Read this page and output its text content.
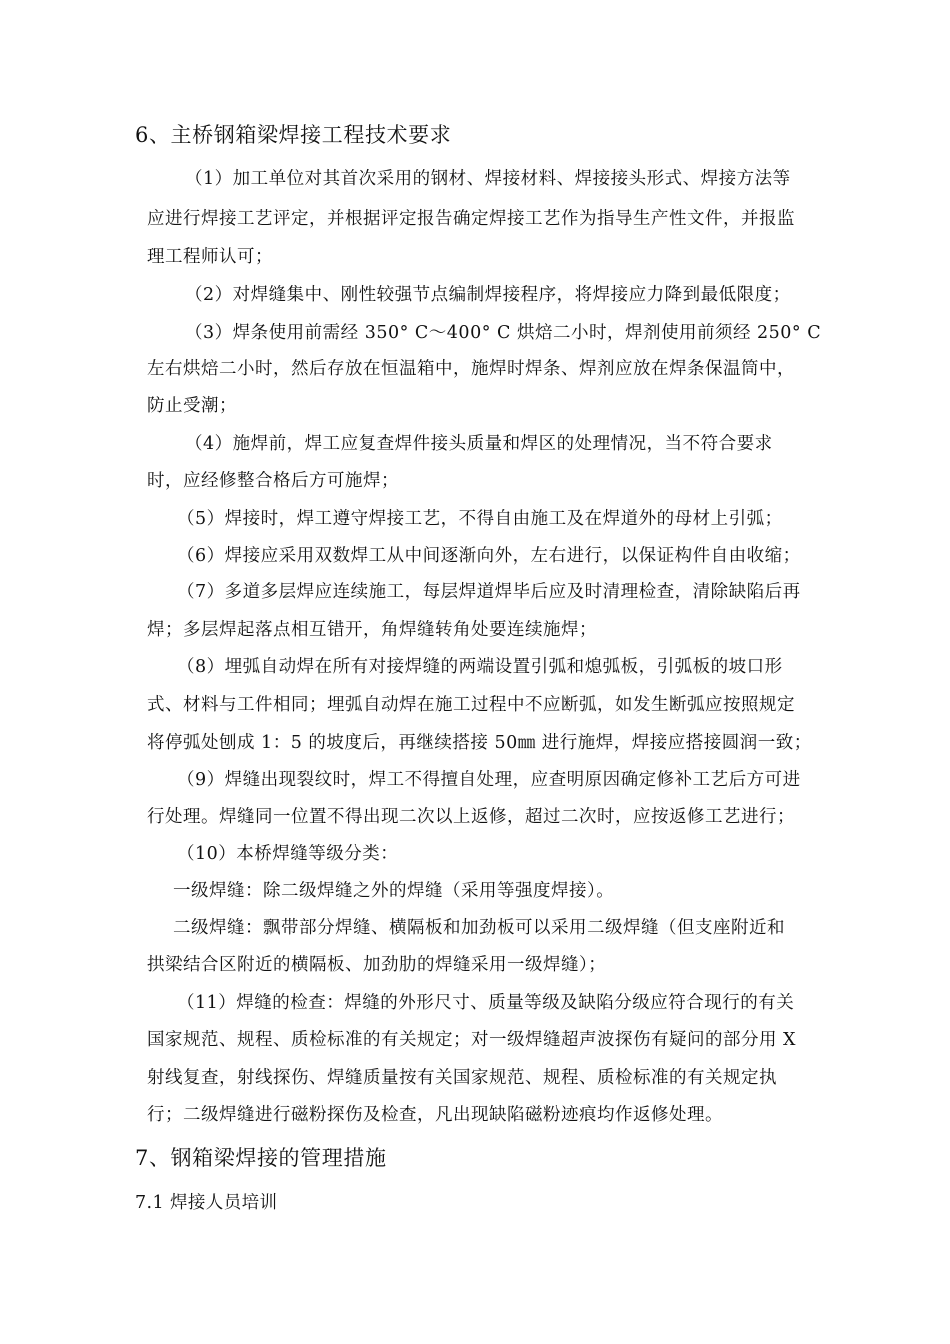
6、主桥钢箱梁焊接工程技术要求
（1）加工单位对其首次采用的钢材、焊接材料、焊接接头形式、焊接方法等
应进行焊接工艺评定，并根据评定报告确定焊接工艺作为指导生产性文件，并报监
理工程师认可；
（2）对焊缝集中、刚性较强节点编制焊接程序，将焊接应力降到最低限度；
（3）焊条使用前需经 350° C～400° C 烘焙二小时，焊剂使用前须经 250° C
左右烘焙二小时，然后存放在恒温箱中，施焊时焊条、焊剂应放在焊条保温筒中，
防止受潮；
（4）施焊前，焊工应复查焊件接头质量和焊区的处理情况，当不符合要求
时，应经修整合格后方可施焊；
（5）焊接时，焊工遵守焊接工艺，不得自由施工及在焊道外的母材上引弧；
（6）焊接应采用双数焊工从中间逐渐向外，左右进行，以保证构件自由收缩；
（7）多道多层焊应连续施工，每层焊道焊毕后应及时清理检查，清除缺陷后再
焊；多层焊起落点相互错开，角焊缝转角处要连续施焊；
（8）埋弧自动焊在所有对接焊缝的两端设置引弧和熄弧板，引弧板的坡口形
式、材料与工件相同；埋弧自动焊在施工过程中不应断弧，如发生断弧应按照规定
将停弧处刨成 1：5 的坡度后，再继续搭接 50㎜ 进行施焊，焊接应搭接圆润一致；
（9）焊缝出现裂纹时，焊工不得擅自处理，应查明原因确定修补工艺后方可进
行处理。焊缝同一位置不得出现二次以上返修，超过二次时，应按返修工艺进行；
（10）本桥焊缝等级分类：
一级焊缝：除二级焊缝之外的焊缝（采用等强度焊接）。
二级焊缝：飘带部分焊缝、横隔板和加劲板可以采用二级焊缝（但支座附近和
拱梁结合区附近的横隔板、加劲肋的焊缝采用一级焊缝）；
（11）焊缝的检查：焊缝的外形尺寸、质量等级及缺陷分级应符合现行的有关
国家规范、规程、质检标准的有关规定；对一级焊缝超声波探伤有疑问的部分用 X
射线复查，射线探伤、焊缝质量按有关国家规范、规程、质检标准的有关规定执
行；二级焊缝进行磁粉探伤及检查，凡出现缺陷磁粉迹痕均作返修处理。
7、钢箱梁焊接的管理措施
7.1 焊接人员培训
